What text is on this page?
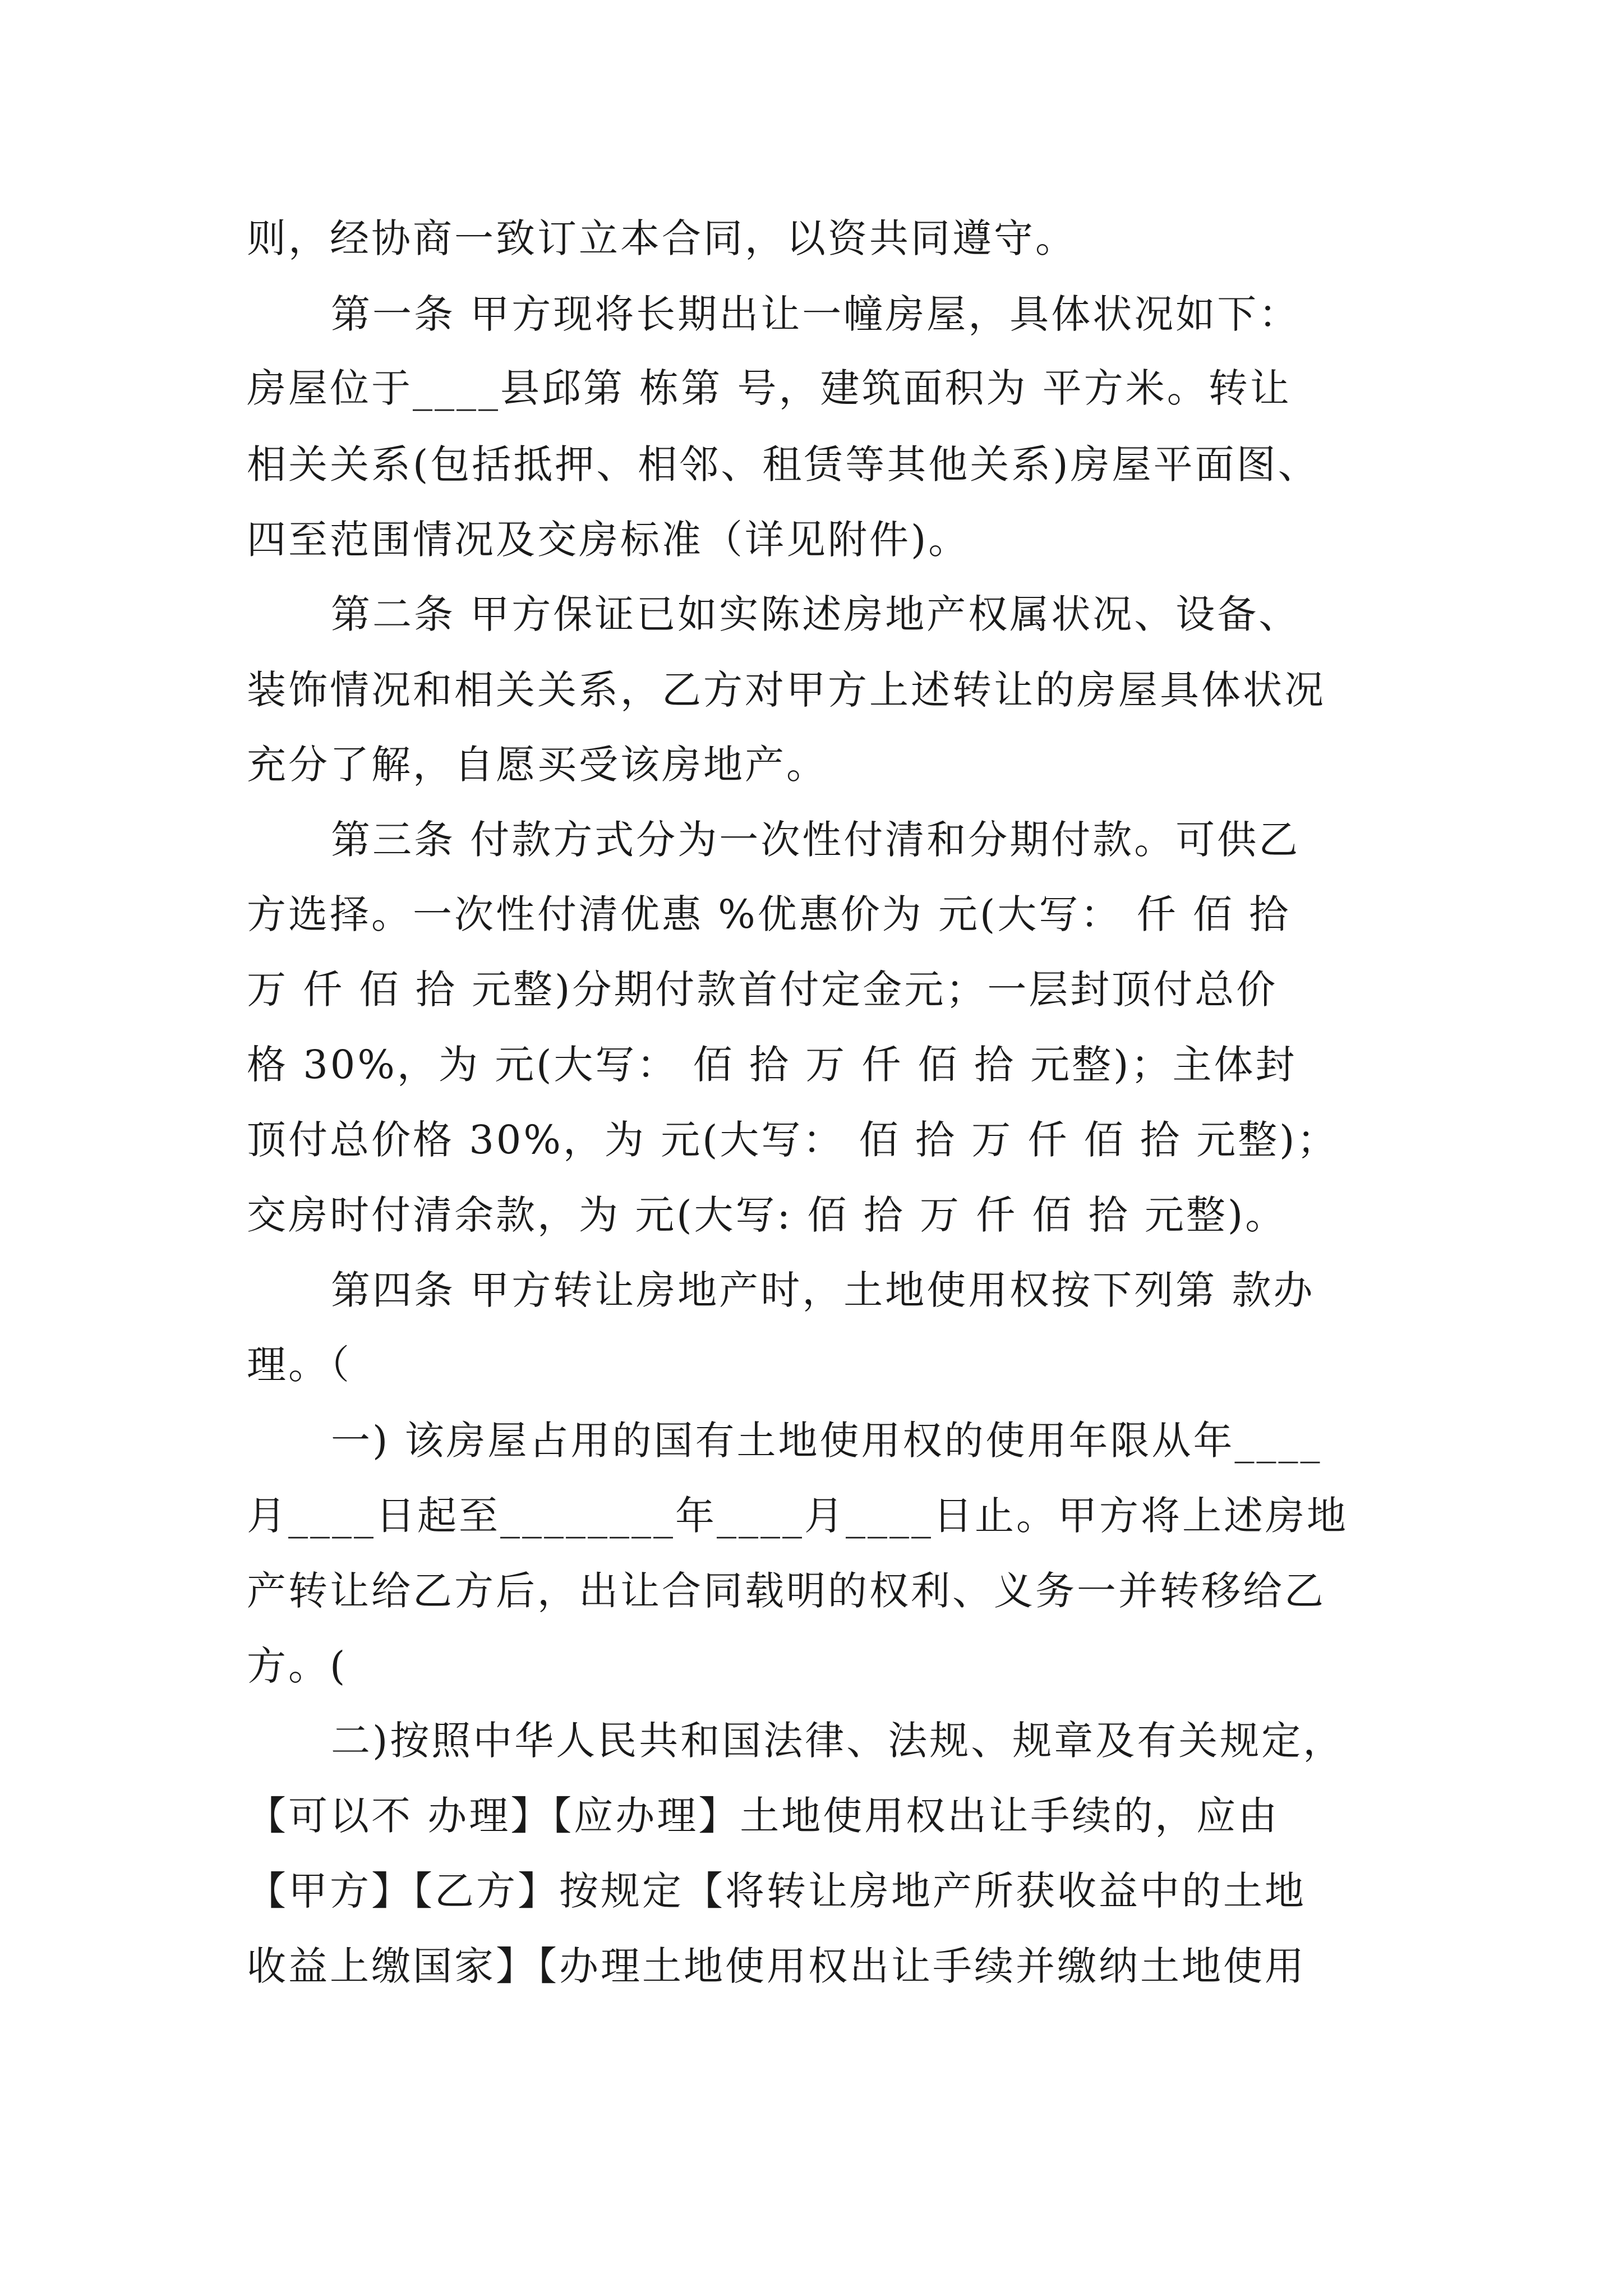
则，经协商一致订立本合同，以资共同遵守。
第一条 甲方现将长期出让一幢房屋，具体状况如下：
房屋位于____县邱第 栋第 号，建筑面积为 平方米。转让
相关关系(包括抵押、相邻、租赁等其他关系)房屋平面图、
四至范围情况及交房标准（详见附件)。
第二条 甲方保证已如实陈述房地产权属状况、设备、
装饰情况和相关关系，乙方对甲方上述转让的房屋具体状况
充分了解，自愿买受该房地产。
第三条 付款方式分为一次性付清和分期付款。可供乙
方选择。一次性付清优惠 %优惠价为 元(大写： 仟 佰 拾
万 仟 佰 拾 元整)分期付款首付定金元；一层封顶付总价
格 30%，为 元(大写： 佰 拾 万 仟 佰 拾 元整)；主体封
顶付总价格 30%，为 元(大写： 佰 拾 万 仟 佰 拾 元整)；
交房时付清余款，为 元(大写: 佰 拾 万 仟 佰 拾 元整)。
第四条 甲方转让房地产时，土地使用权按下列第 款办
理。（
一) 该房屋占用的国有土地使用权的使用年限从年____
月____日起至________年____月____日止。甲方将上述房地
产转让给乙方后，出让合同载明的权利、义务一并转移给乙
方。(
二)按照中华人民共和国法律、法规、规章及有关规定，
【可以不 办理】【应办理】土地使用权出让手续的，应由
【甲方】【乙方】按规定【将转让房地产所获收益中的土地
收益上缴国家】【办理土地使用权出让手续并缴纳土地使用
